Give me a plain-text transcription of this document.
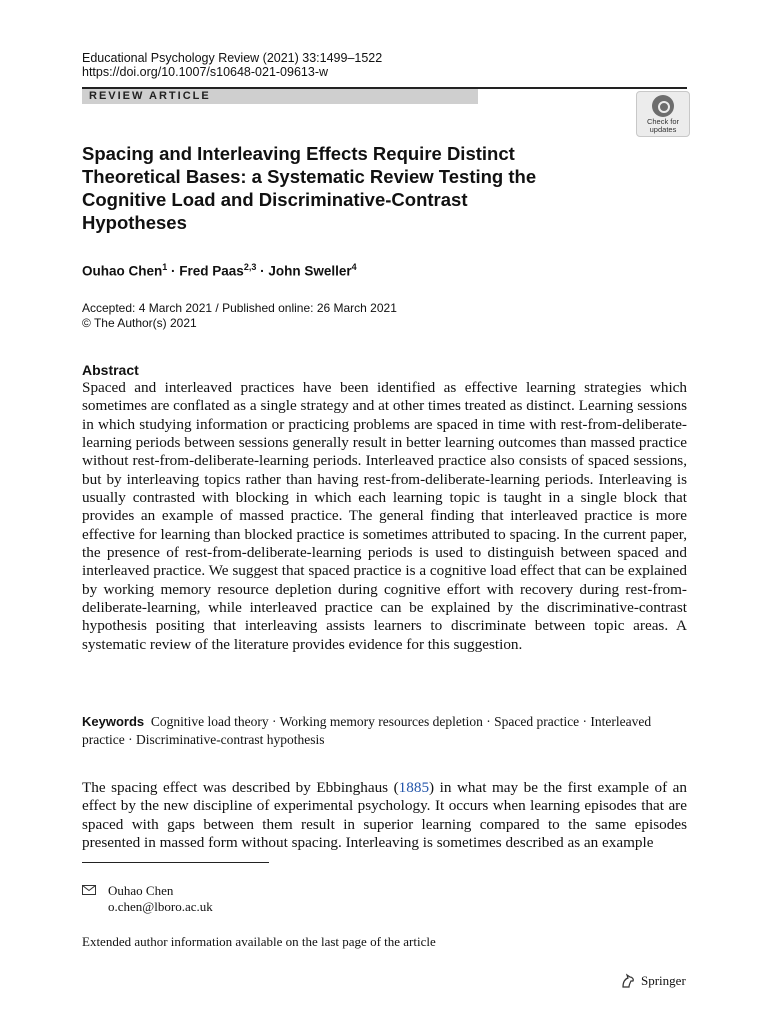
Educational Psychology Review (2021) 33:1499–1522
https://doi.org/10.1007/s10648-021-09613-w
REVIEW ARTICLE
Check for
updates
Spacing and Interleaving Effects Require Distinct Theoretical Bases: a Systematic Review Testing the Cognitive Load and Discriminative-Contrast Hypotheses
Ouhao Chen$^1$ · Fred Paas$^{2,3}$ · John Sweller$^4$
Accepted: 4 March 2021 / Published online: 26 March 2021
© The Author(s) 2021
Abstract
Spaced and interleaved practices have been identified as effective learning strategies which sometimes are conflated as a single strategy and at other times treated as distinct. Learning sessions in which studying information or practicing problems are spaced in time with rest-from-deliberate-learning periods between sessions generally result in better learning outcomes than massed practice without rest-from-deliberate-learning periods. Interleaved practice also consists of spaced sessions, but by interleaving topics rather than having rest-from-deliberate-learning periods. Interleaving is usually contrasted with blocking in which each learning topic is taught in a single block that provides an example of massed practice. The general finding that interleaved practice is more effective for learning than blocked practice is sometimes attributed to spacing. In the current paper, the presence of rest-from-deliberate-learning periods is used to distinguish between spaced and interleaved practice. We suggest that spaced practice is a cognitive load effect that can be explained by working memory resource depletion during cognitive effort with recovery during rest-from-deliberate-learning, while interleaved practice can be explained by the discriminative-contrast hypothesis positing that interleaving assists learners to discriminate between topic areas. A systematic review of the literature provides evidence for this suggestion.
Keywords Cognitive load theory · Working memory resources depletion · Spaced practice · Interleaved practice · Discriminative-contrast hypothesis
The spacing effect was described by Ebbinghaus (1885) in what may be the first example of an effect by the new discipline of experimental psychology. It occurs when learning episodes that are spaced with gaps between them result in superior learning compared to the same episodes presented in massed form without spacing. Interleaving is sometimes described as an example
Ouhao Chen
o.chen@lboro.ac.uk
Extended author information available on the last page of the article
Springer
